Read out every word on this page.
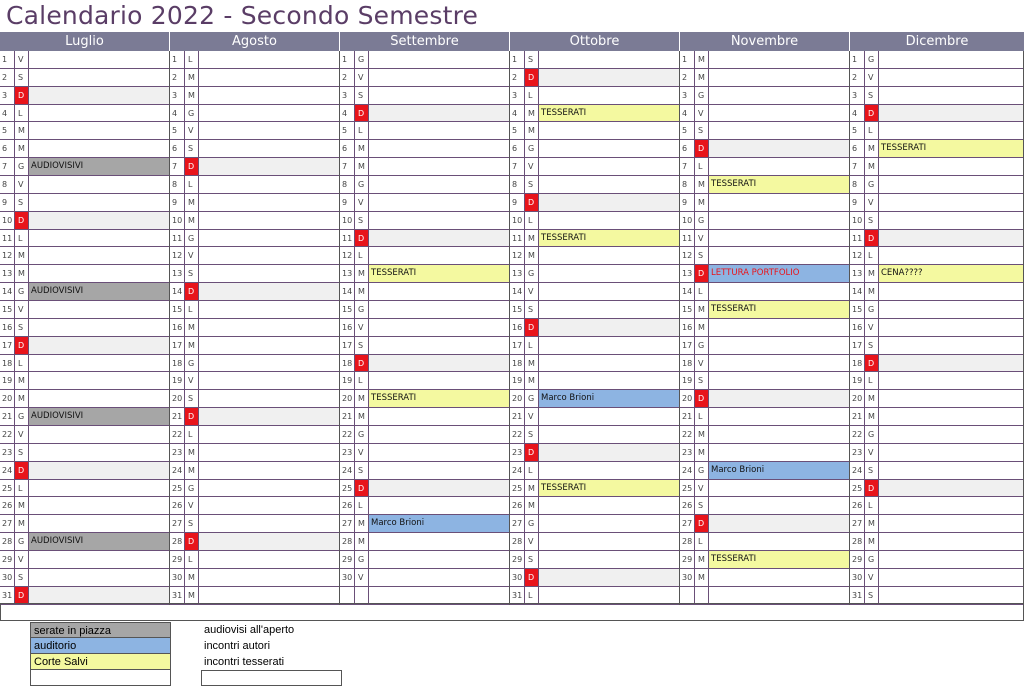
Calendario 2022 - Secondo Semestre
Luglio	Agosto	Settembre	Ottobre	Novembre	Dicembre
1	V
2	S
3	D
4	L
5	M
6	M
7	G AUDIOVISIVI
8	V
9	S
10 D
11 L
12 M
13 M
14 G AUDIOVISIVI
15 V
16 S
17 D
18 L
19 M
20 M
21 G AUDIOVISIVI
22 V
23 S
24 D
25 L
26 M
27 M
28 G AUDIOVISIVI
29 V
30 S
31 D
1	L
2	M
3	M
4	G
5	V
6	S
7	D
8	L
9	M
10 M
11 G
12 V
13 S
14 D
15 L
16 M
17 M
18 G
19 V
20 S
21 D
22 L
23 M
24 M
25 G
26 V
27 S
28 D
29 L
30 M
31 M
1	G
2	V
3	S
4	D
5	L
6	M
7	M
8	G
9	V
10 S
11 D
12 L
13 M TESSERATI
14 M
15 G
16 V
17 S
18 D
19 L
20 M TESSERATI
21 M
22 G
23 V
24 S
25 D
26 L
27 M Marco Brioni
28 M
29 G
30 V
1	S
2	D
3	L
4	M TESSERATI
5	M
6	G
7	V
8	S
9	D
10 L
11 M TESSERATI
12 M
13 G
14 V
15 S
16 D
17 L
18 M
19 M
20 G Marco Brioni
21 V
22 S
23 D
24 L
25 M TESSERATI
26 M
27 G
28 V
29 S
30 D
31 L
1	M
2	M
3	G
4	V
5	S
6	D
7	L
8	M TESSERATI
9	M
10 G
11 V
12 S
13 D LETTURA PORTFOLIO
14 L
15 M TESSERATI
16 M
17 G
18 V
19 S
20 D
21 L
22 M
23 M
24 G Marco Brioni
25 V
26 S
27 D
28 L
29 M TESSERATI
30 M
1	G
2	V
3	S
4	D
5	L
6	M TESSERATI
7	M
8	G
9	V
10 S
11 D
12 L
13 M CENA????
14 M
15 G
16 V
17 S
18 D
19 L
20 M
21 M
22 G
23 V
24 S
25 D
26 L
27 M
28 M
29 G
30 V
31 S
serate in piazza	audiovisi all'aperto
auditorio	incontri autori
Corte Salvi	incontri tesserati
